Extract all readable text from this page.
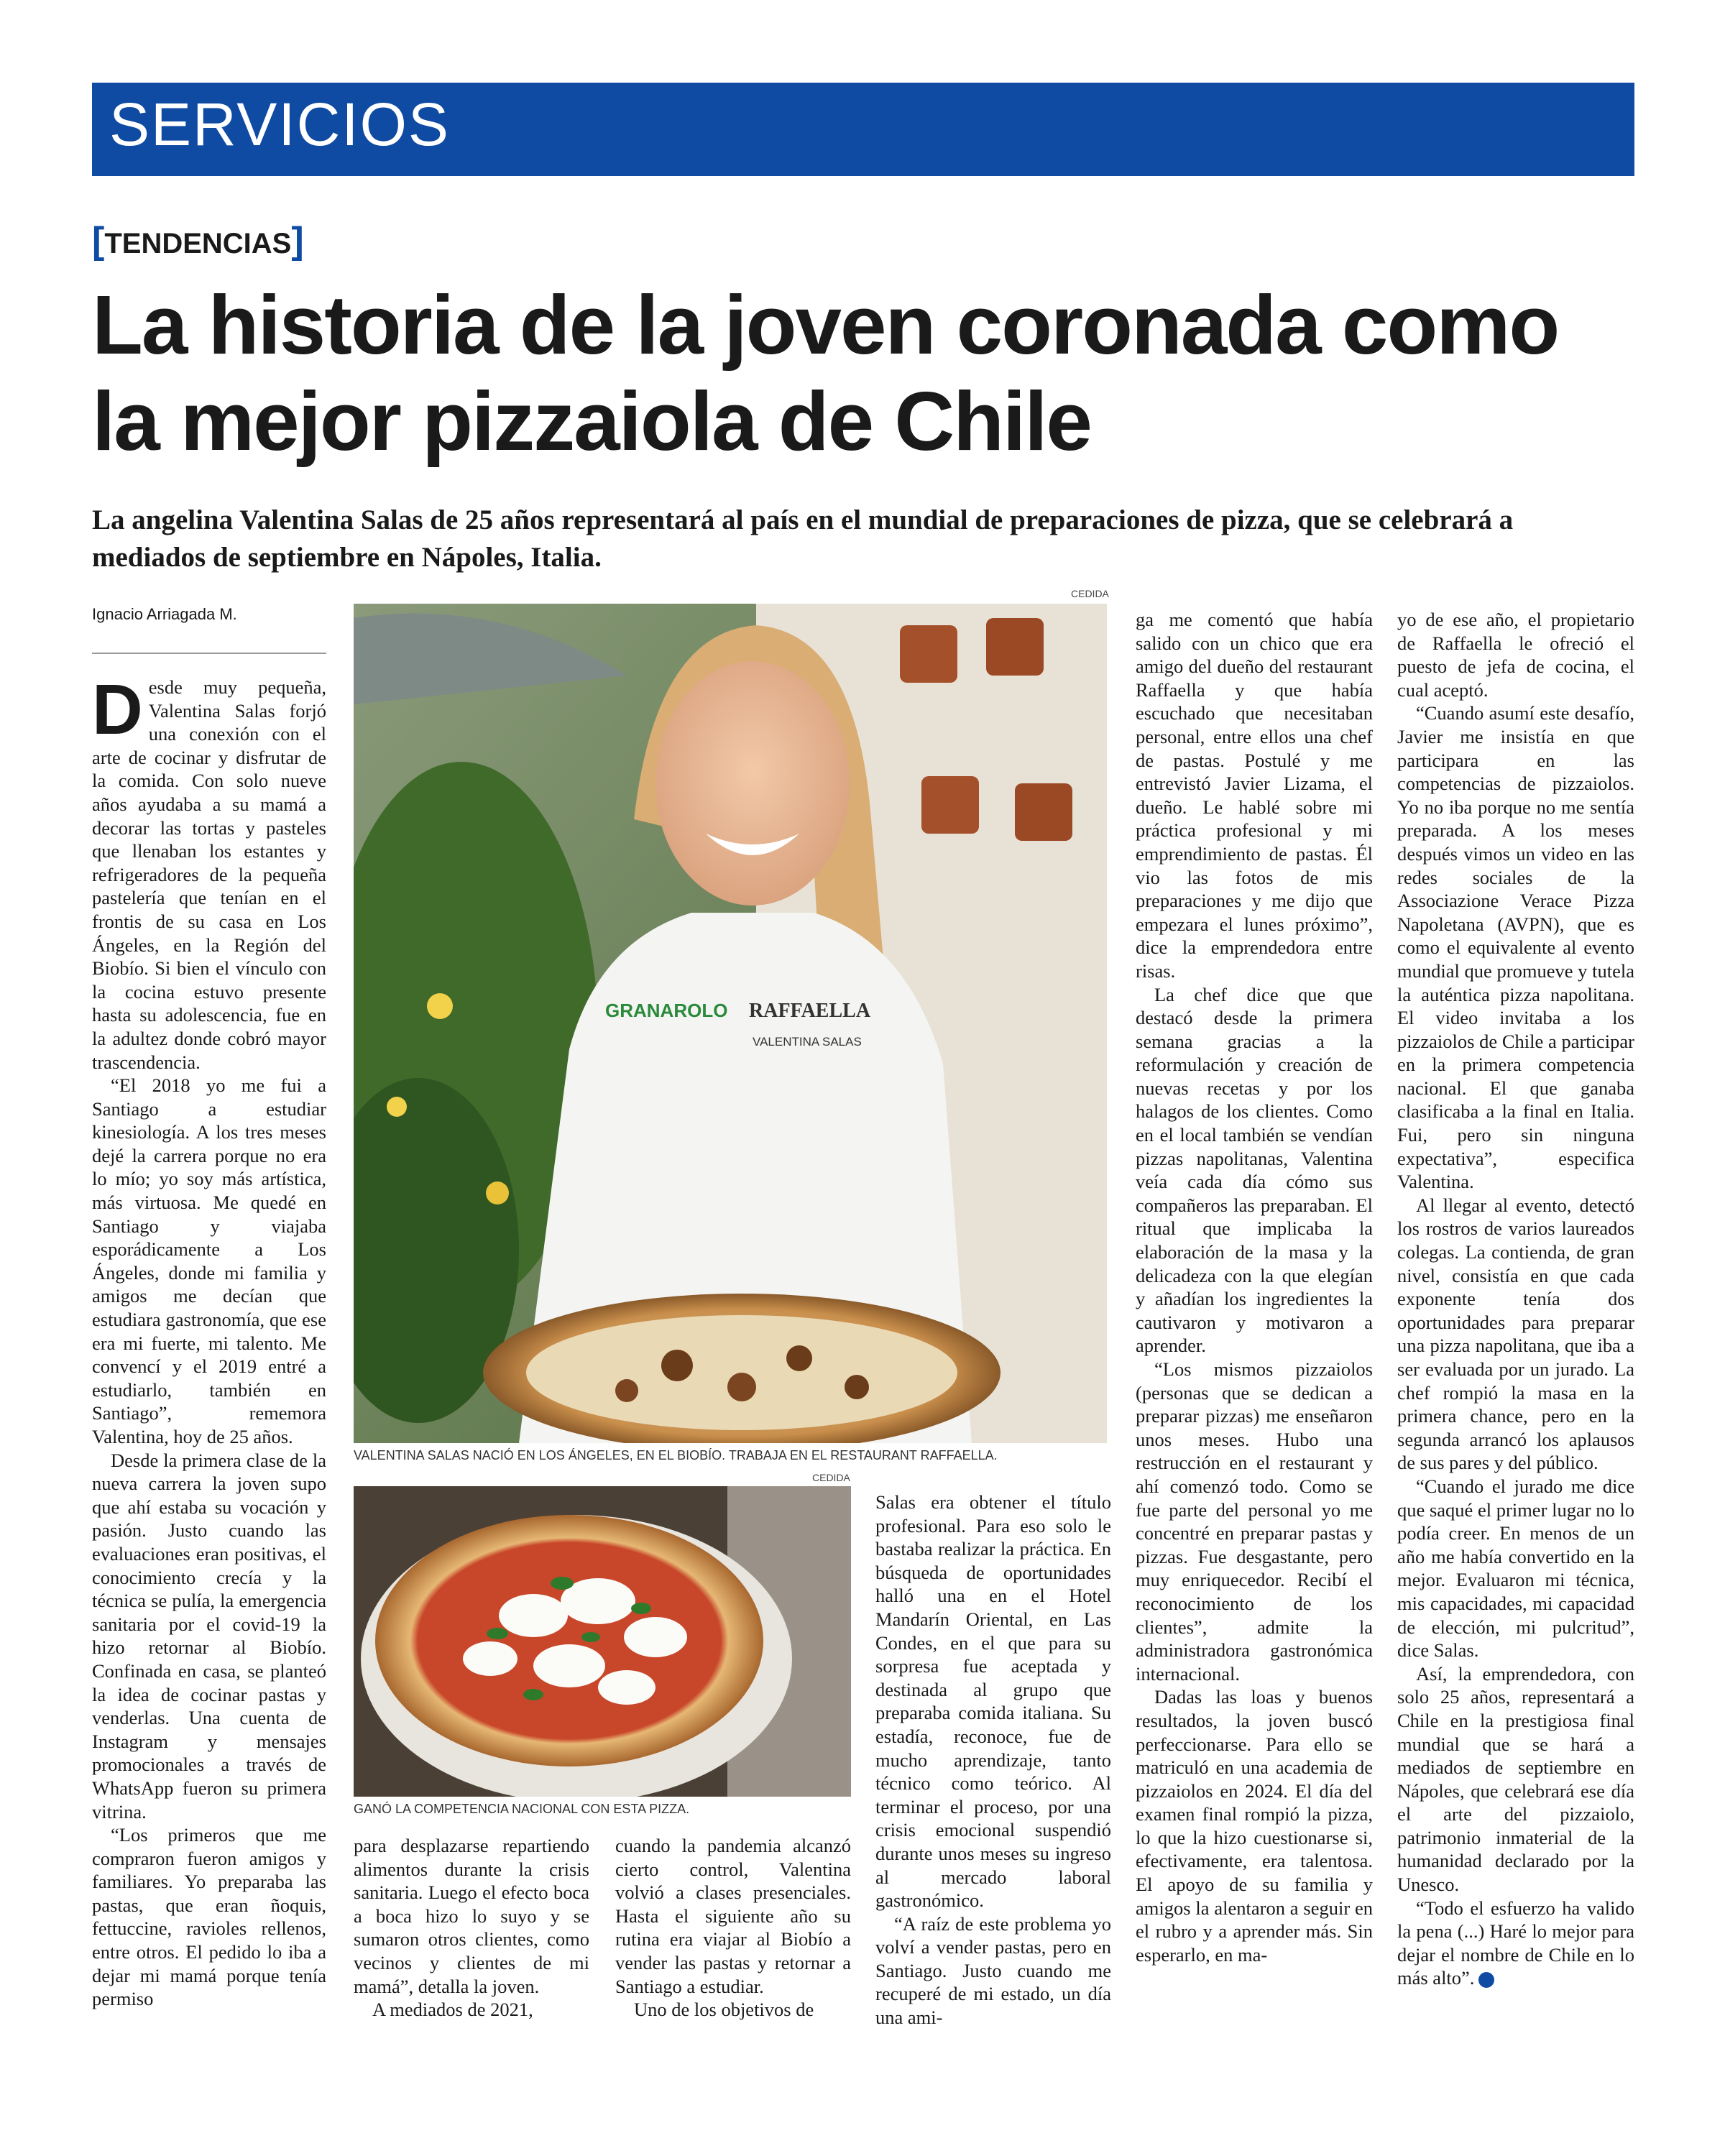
SERVICIOS
[TENDENCIAS]
La historia de la joven coronada como la mejor pizzaiola de Chile

La angelina Valentina Salas de 25 años representará al país en el mundial de preparaciones de pizza, que se celebrará a mediados de septiembre en Nápoles, Italia.

Ignacio Arriagada M.

Desde muy pequeña, Valentina Salas forjó una conexión con el arte de cocinar y disfrutar de la comida. Con solo nueve años ayudaba a su mamá a decorar las tortas y pasteles que llenaban los estantes y refrigeradores de la pequeña pastelería que tenían en el frontis de su casa en Los Ángeles, en la Región del Biobío. Si bien el vínculo con la cocina estuvo presente hasta su adolescencia, fue en la adultez donde cobró mayor trascendencia.

“El 2018 yo me fui a Santiago a estudiar kinesiología. A los tres meses dejé la carrera porque no era lo mío; yo soy más artística, más virtuosa. Me quedé en Santiago y viajaba esporádicamente a Los Ángeles, donde mi familia y amigos me decían que estudiara gastronomía, que ese era mi fuerte, mi talento. Me convencí y el 2019 entré a estudiarlo, también en Santiago”, rememora Valentina, hoy de 25 años.

Desde la primera clase de la nueva carrera la joven supo que ahí estaba su vocación y pasión. Justo cuando las evaluaciones eran positivas, el conocimiento crecía y la técnica se pulía, la emergencia sanitaria por el covid-19 la hizo retornar al Biobío. Confinada en casa, se planteó la idea de cocinar pastas y venderlas. Una cuenta de Instagram y mensajes promocionales a través de WhatsApp fueron su primera vitrina.

“Los primeros que me compraron fueron amigos y familiares. Yo preparaba las pastas, que eran ñoquis, fettuccine, ravioles rellenos, entre otros. El pedido lo iba a dejar mi mamá porque tenía permiso

CEDIDA
GRANAROLO RAFFAELLA
VALENTINA SALAS
VALENTINA SALAS NACIÓ EN LOS ÁNGELES, EN EL BIOBÍO. TRABAJA EN EL RESTAURANT RAFFAELLA.
CEDIDA
GANÓ LA COMPETENCIA NACIONAL CON ESTA PIZZA.

para desplazarse repartiendo alimentos durante la crisis sanitaria. Luego el efecto boca a boca hizo lo suyo y se sumaron otros clientes, como vecinos y clientes de mi mamá”, detalla la joven.

A mediados de 2021,

cuando la pandemia alcanzó cierto control, Valentina volvió a clases presenciales. Hasta el siguiente año su rutina era viajar al Biobío a vender las pastas y retornar a Santiago a estudiar.

Uno de los objetivos de

Salas era obtener el título profesional. Para eso solo le bastaba realizar la práctica. En búsqueda de oportunidades halló una en el Hotel Mandarín Oriental, en Las Condes, en el que para su sorpresa fue aceptada y destinada al grupo que preparaba comida italiana. Su estadía, reconoce, fue de mucho aprendizaje, tanto técnico como teórico. Al terminar el proceso, por una crisis emocional suspendió durante unos meses su ingreso al mercado laboral gastronómico.

“A raíz de este problema yo volví a vender pastas, pero en Santiago. Justo cuando me recuperé de mi estado, un día una ami-

ga me comentó que había salido con un chico que era amigo del dueño del restaurant Raffaella y que había escuchado que necesitaban personal, entre ellos una chef de pastas. Postulé y me entrevistó Javier Lizama, el dueño. Le hablé sobre mi práctica profesional y mi emprendimiento de pastas. Él vio las fotos de mis preparaciones y me dijo que empezara el lunes próximo”, dice la emprendedora entre risas.

La chef dice que que destacó desde la primera semana gracias a la reformulación y creación de nuevas recetas y por los halagos de los clientes. Como en el local también se vendían pizzas napolitanas, Valentina veía cada día cómo sus compañeros las preparaban. El ritual que implicaba la elaboración de la masa y la delicadeza con la que elegían y añadían los ingredientes la cautivaron y motivaron a aprender.

“Los mismos pizzaiolos (personas que se dedican a preparar pizzas) me enseñaron unos meses. Hubo una restrucción en el restaurant y ahí comenzó todo. Como se fue parte del personal yo me concentré en preparar pastas y pizzas. Fue desgastante, pero muy enriquecedor. Recibí el reconocimiento de los clientes”, admite la administradora gastronómica internacional.

Dadas las loas y buenos resultados, la joven buscó perfeccionarse. Para ello se matriculó en una academia de pizzaiolos en 2024. El día del examen final rompió la pizza, lo que la hizo cuestionarse si, efectivamente, era talentosa. El apoyo de su familia y amigos la alentaron a seguir en el rubro y a aprender más. Sin esperarlo, en ma-

yo de ese año, el propietario de Raffaella le ofreció el puesto de jefa de cocina, el cual aceptó.

“Cuando asumí este desafío, Javier me insistía en que participara en las competencias de pizzaiolos. Yo no iba porque no me sentía preparada. A los meses después vimos un video en las redes sociales de la Associazione Verace Pizza Napoletana (AVPN), que es como el equivalente al evento mundial que promueve y tutela la auténtica pizza napolitana. El video invitaba a los pizzaiolos de Chile a participar en la primera competencia nacional. El que ganaba clasificaba a la final en Italia. Fui, pero sin ninguna expectativa”, especifica Valentina.

Al llegar al evento, detectó los rostros de varios laureados colegas. La contienda, de gran nivel, consistía en que cada exponente tenía dos oportunidades para preparar una pizza napolitana, que iba a ser evaluada por un jurado. La chef rompió la masa en la primera chance, pero en la segunda arrancó los aplausos de sus pares y del público.

“Cuando el jurado me dice que saqué el primer lugar no lo podía creer. En menos de un año me había convertido en la mejor. Evaluaron mi técnica, mis capacidades, mi capacidad de elección, mi pulcritud”, dice Salas.

Así, la emprendedora, con solo 25 años, representará a Chile en la prestigiosa final mundial que se hará a mediados de septiembre en Nápoles, que celebrará ese día el arte del pizzaiolo, patrimonio inmaterial de la humanidad declarado por la Unesco.

“Todo el esfuerzo ha valido la pena (...) Haré lo mejor para dejar el nombre de Chile en lo más alto”. ✪
